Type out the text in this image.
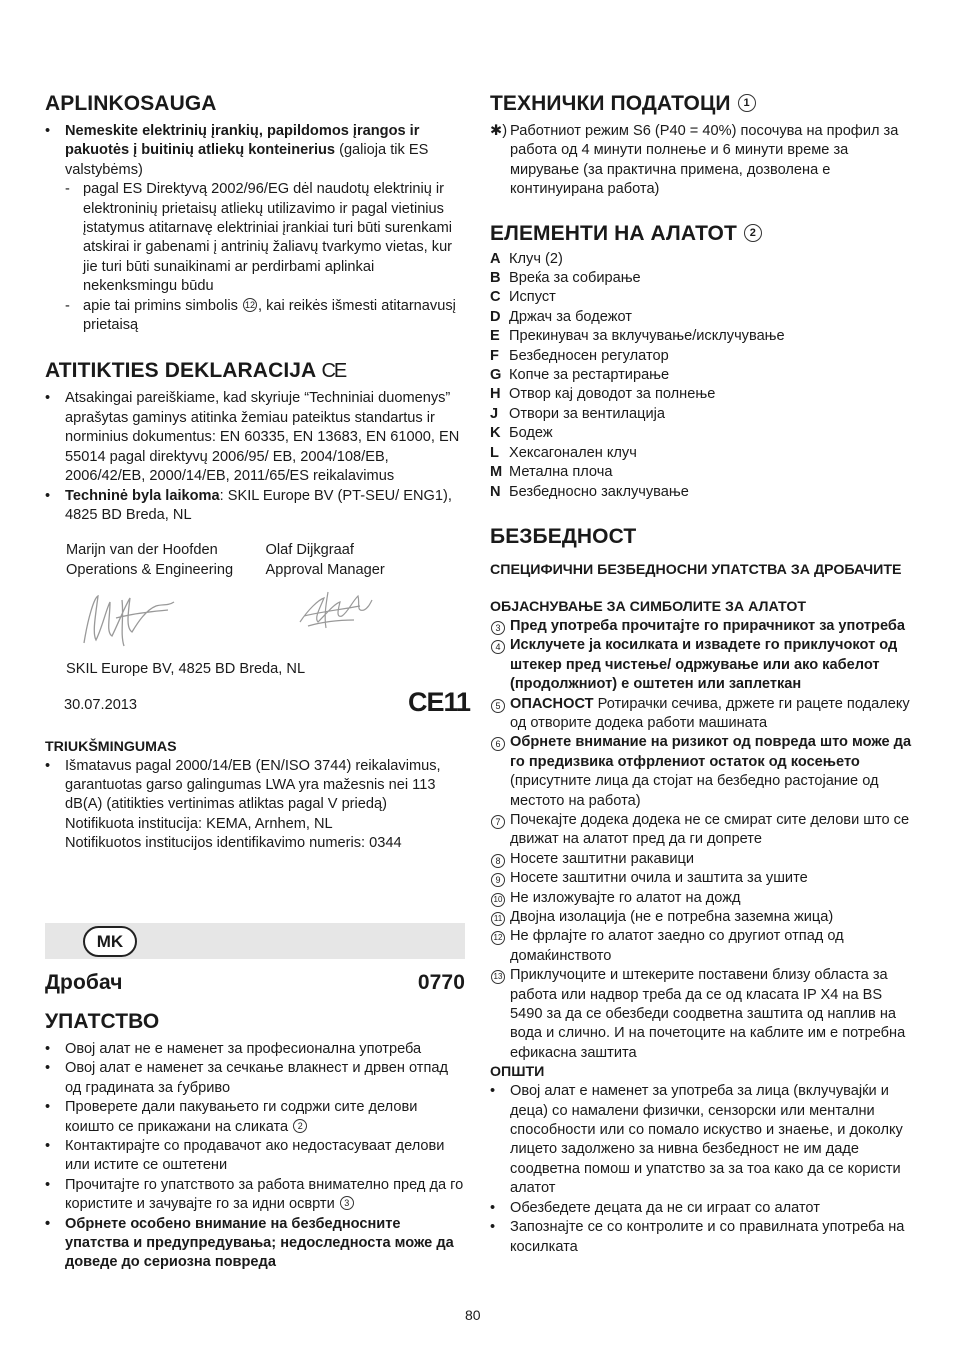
APLINKOSAUGA
• Nemeskite elektrinių įrankių, papildomos įrangos ir pakuotės į buitinių atliekų konteinerius (galioja tik ES valstybėms)
- pagal ES Direktyvą 2002/96/EG dėl naudotų elektrinių ir elektroninių prietaisų atliekų utilizavimo ir pagal vietinius įstatymus atitarnavę elektriniai įrankiai turi būti surenkami atskirai ir gabenami į antrinių žaliavų tvarkymo vietas, kur jie turi būti sunaikinami ar perdirbami aplinkai nekenksmingu būdu
- apie tai primins simbolis 12 , kai reikės išmesti atitarnavusį prietaisą
ATITIKTIES DEKLARACIJA CE
• Atsakingai pareiškiame, kad skyriuje “Techniniai duomenys” aprašytas gaminys atitinka žemiau pateiktus standartus ir norminius dokumentus: EN 60335, EN 13683, EN 61000, EN 55014 pagal direktyvų 2006/95/ EB, 2004/108/EB, 2006/42/EB, 2000/14/EB, 2011/65/ES reikalavimus
• Techninė byla laikoma: SKIL Europe BV (PT-SEU/ ENG1), 4825 BD Breda, NL

Marijn van der Hoofden

Operations & Engineering

Olaf Dijkgraaf

Approval Manager

SKIL Europe BV, 4825 BD Breda, NL

30.07.2013	CE11
TRIUKŠMINGUMAS
• Išmatavus pagal 2000/14/EB (EN/ISO 3744) reikalavimus, garantuotas garso galingumas LWA yra mažesnis nei 113 dB(A) (atitikties vertinimas atliktas pagal V priedą)

Notifikuota institucija: KEMA, Arnhem, NL

Notifikuotos institucijos identifikavimo numeris: 0344

MK
Дробач	0770
УПАТСТВО
• Овој алат не е наменет за професионална употреба
• Овој алат е наменет за сечкање влакнест и дрвен отпад од градината за ѓубриво
• Проверете дали пакувањето ги содржи сите делови коишто се прикажани на сликата 2
• Контактирајте со продавачот ако недостасуваат делови или истите се оштетени
• Прочитајте го упатството за работа внимателно пред да го користите и зачувајте го за идни осврти 3
• Обрнете особено внимание на безбедносните упатства и предупредувања; недоследноста може да доведе до сериозна повреда
ТЕХНИЧКИ ПОДАТОЦИ 1
✱) Работниот режим S6 (P40 = 40%) посочува на профил за работа од 4 минути полнење и 6 минути време за мирување (за практична примена, дозволена е континуирана работа)
ЕЛЕМЕНТИ НА АЛАТОТ 2
A Клуч (2)
B Вреќа за собирање
C Испуст
D Држач за бодежот
E Прекинувач за вклучување/исклучување
F Безбедносен регулатор
G Копче за рестартирање
H Отвор кај доводот за полнење
J Отвори за вентилација
K Бодеж
L Хексагонален клуч
M Метална плоча
N Безбедносно заклучување
БЕЗБЕДНОСТ
СПЕЦИФИЧНИ БЕЗБЕДНОСНИ УПАТСТВА ЗА ДРОБАЧИТЕ
ОБЈАСНУВАЊЕ ЗА СИМБОЛИТЕ ЗА АЛАТОТ
3 Пред употреба прочитајте го прирачникот за употреба
4 Исклучете ја косилката и извадете го приклучокот од штекер пред чистење/ одржување или ако кабелот (продолжниот) е оштетен или заплеткан
5 ОПАСНОСТ Ротирачки сечива, држете ги рацете подалеку од отворите додека работи машината
6 Обрнете внимание на ризикот од повреда што може да го предизвика отфрлениот остаток од косењето (присутните лица да стојат на безбедно растојание од местото на работа)
7 Почекајте додека додека не се смират сите делови што се движат на алатот пред да ги допрете
8 Носете заштитни ракавици
9 Носете заштитни очила и заштита за ушите
10 Не изложувајте го алатот на дожд
11 Двојна изолација (не е потребна заземна жица)
12 Не фрлајте го алатот заедно со другиот отпад од домаќинството
13 Приклучоците и штекерите поставени близу областа за работа или надвор треба да се од класата IP X4 на BS 5490 за да се обезбеди соодветна заштита од наплив на вода и слично. И на почетоците на каблите им е потребна ефикасна заштита
ОПШТИ
• Овој алат е наменет за употреба за лица (вклучувајќи и деца) со намалени физички, сензорски или ментални способности или со помало искуство и знаење, и доколку лицето задолжено за нивна безбедност не им даде соодветна помош и упатство за за тоа како да се користи алатот
• Обезбедете децата да не си играат со алатот
• Запознајте се со контролите и со правилната употреба на косилката
80
